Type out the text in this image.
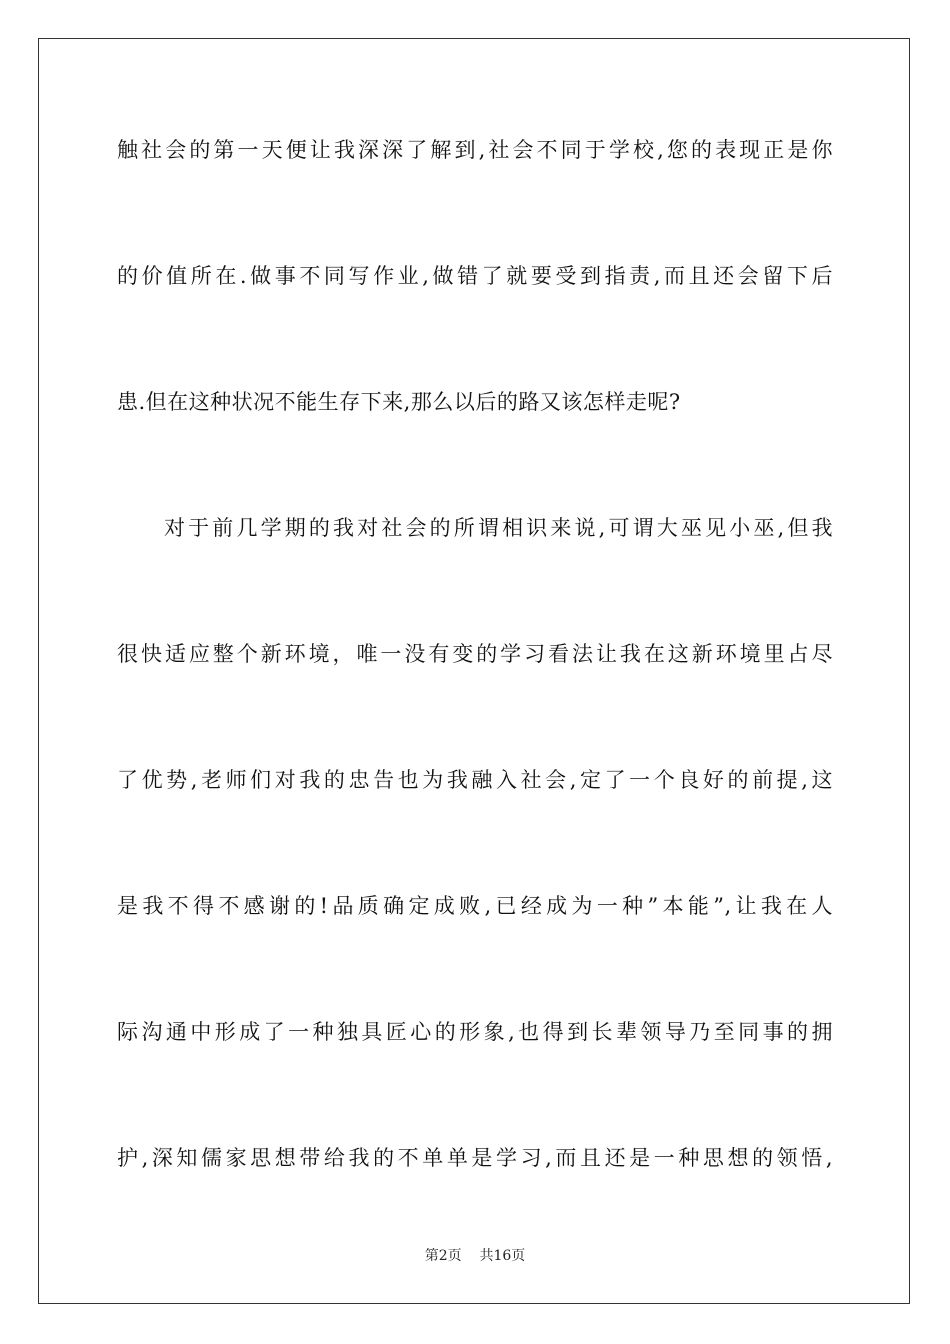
触社会的第一天便让我深深了解到,社会不同于学校,您的表现正是你
的价值所在.做事不同写作业,做错了就要受到指责,而且还会留下后
患.但在这种状况不能生存下来,那么以后的路又该怎样走呢?
对于前几学期的我对社会的所谓相识来说,可谓大巫见小巫,但我
很快适应整个新环境，唯一没有变的学习看法让我在这新环境里占尽
了优势,老师们对我的忠告也为我融入社会,定了一个良好的前提,这
是我不得不感谢的!品质确定成败,已经成为一种”本能”,让我在人
际沟通中形成了一种独具匠心的形象,也得到长辈领导乃至同事的拥
护,深知儒家思想带给我的不单单是学习,而且还是一种思想的领悟,
第2页 共16页
